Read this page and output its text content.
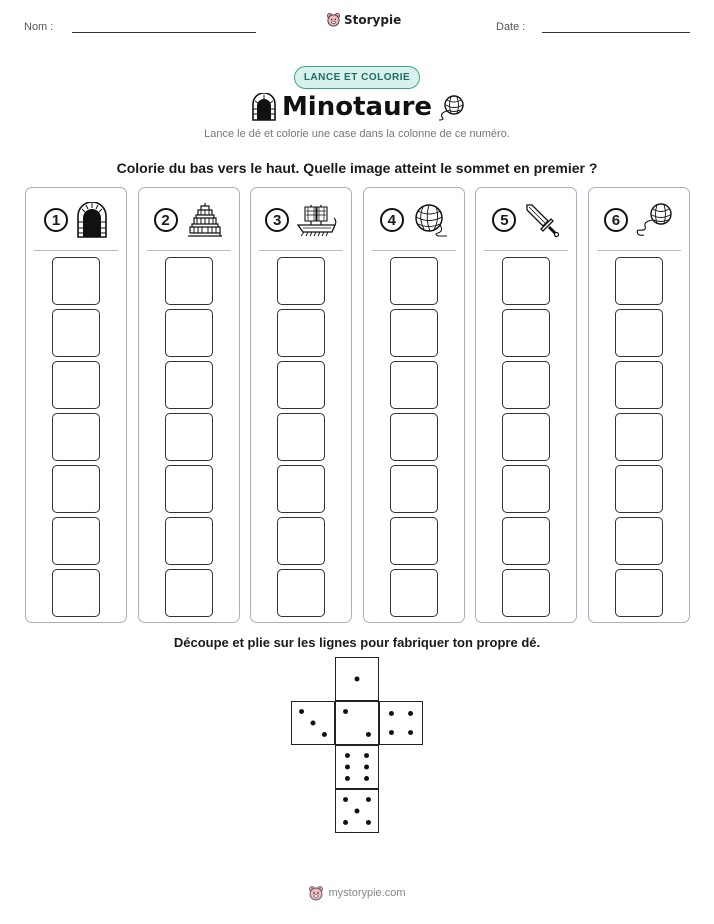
Nom :
Storypie
Date :
LANCE ET COLORIE
Minotaure
Lance le dé et colorie une case dans la colonne de ce numéro.
Colorie du bas vers le haut. Quelle image atteint le sommet en premier ?
1	2	3	4	5	6
Découpe et plie sur les lignes pour fabriquer ton propre dé.
mystorypie.com
